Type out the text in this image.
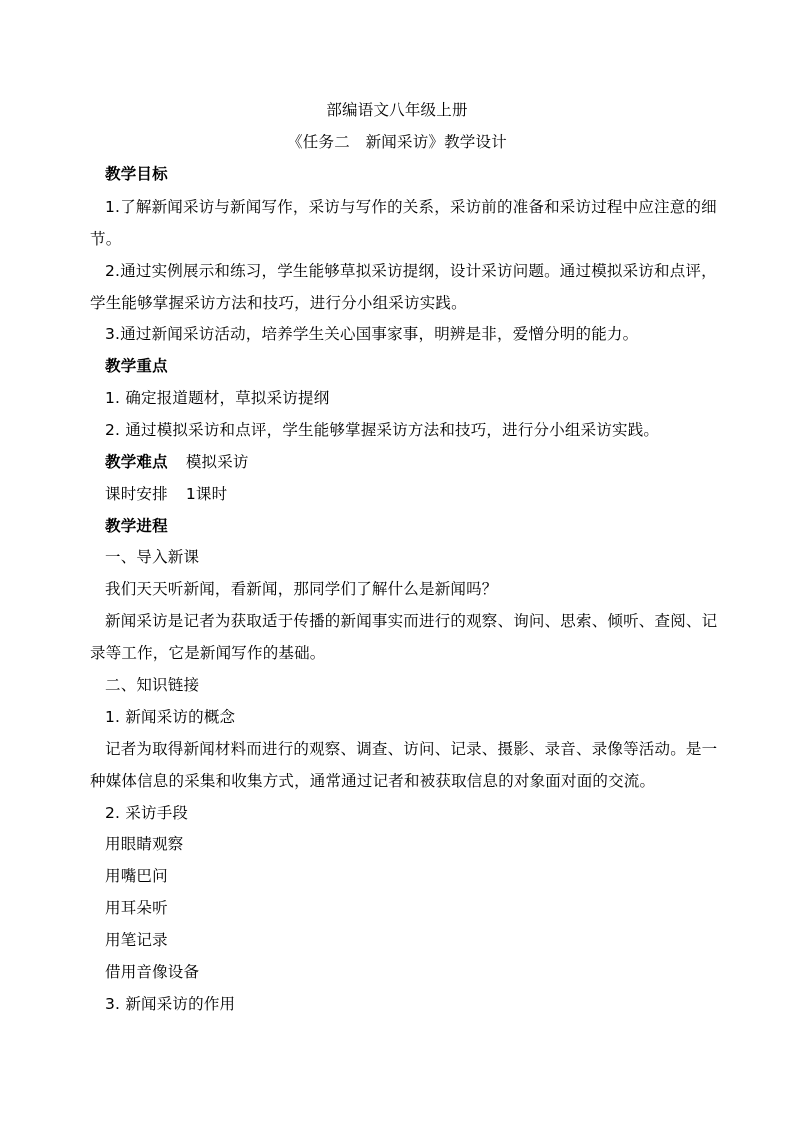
部编语文八年级上册
《任务二　新闻采访》教学设计
教学目标
1.了解新闻采访与新闻写作，采访与写作的关系，采访前的准备和采访过程中应注意的细
节。
2.通过实例展示和练习，学生能够草拟采访提纲，设计采访问题。通过模拟采访和点评，
学生能够掌握采访方法和技巧，进行分小组采访实践。
3.通过新闻采访活动，培养学生关心国事家事，明辨是非，爱憎分明的能力。
教学重点
1. 确定报道题材，草拟采访提纲
2. 通过模拟采访和点评，学生能够掌握采访方法和技巧，进行分小组采访实践。
教学难点 模拟采访
课时安排 1课时
教学进程
一、导入新课
我们天天听新闻，看新闻，那同学们了解什么是新闻吗？
新闻采访是记者为获取适于传播的新闻事实而进行的观察、询问、思索、倾听、查阅、记
录等工作，它是新闻写作的基础。
二、知识链接
1. 新闻采访的概念
记者为取得新闻材料而进行的观察、调查、访问、记录、摄影、录音、录像等活动。是一
种媒体信息的采集和收集方式，通常通过记者和被获取信息的对象面对面的交流。
2. 采访手段
用眼睛观察
用嘴巴问
用耳朵听
用笔记录
借用音像设备
3. 新闻采访的作用
